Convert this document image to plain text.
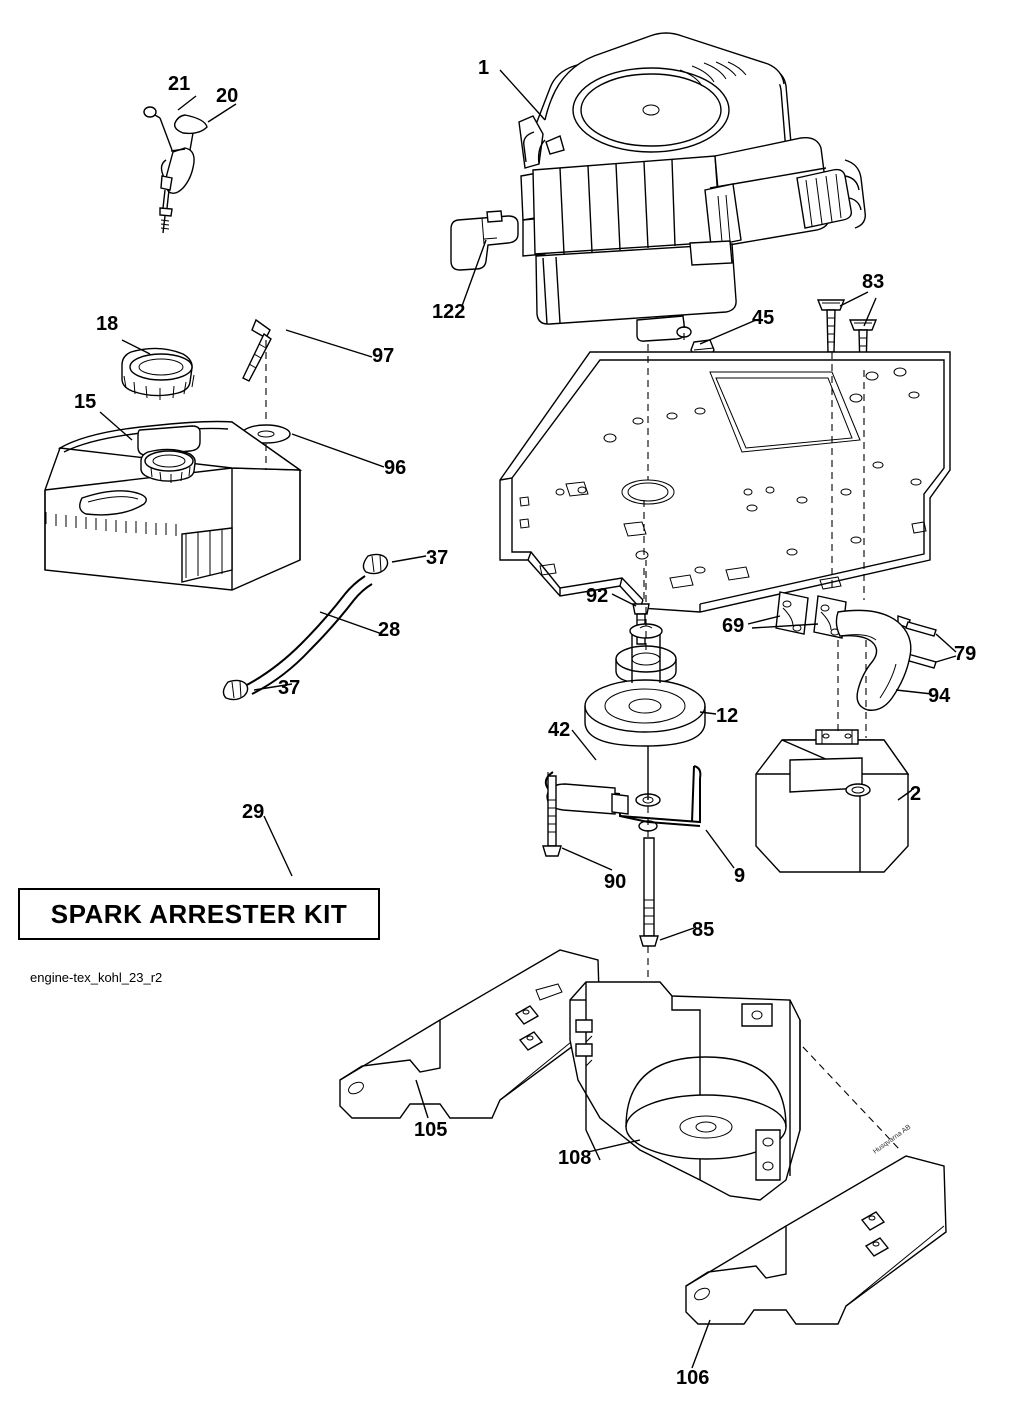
21
20
1
83
122	45
18
97
15
96
37
92
69
28
79
94
37
12
42
2
29
90	9
85
105
108
106
SPARK ARRESTER KIT
engine-tex_kohl_23_r2
Husqvarna AB
